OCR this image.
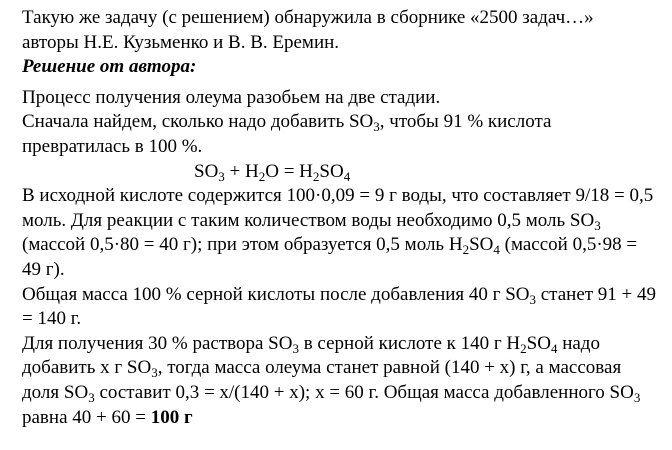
Такую же задачу (с решением) обнаружила в сборнике «2500 задач…»
авторы Н.Е. Кузьменко и В. В. Еремин.
Решение от автора:
Процесс получения олеума разобьем на две стадии.
Сначала найдем, сколько надо добавить $SO_3$, чтобы 91 % кислота
превратилась в 100 %.
$SO_3 + H_2O = H_2SO_4$
В исходной кислоте содержится 100·0,09 = 9 г воды, что составляет 9/18 = 0,5
моль. Для реакции с таким количеством воды необходимо 0,5 моль $SO_3$
(массой 0,5·80 = 40 г); при этом образуется 0,5 моль $H_2SO_4$ (массой 0,5·98 =
49 г).
Общая масса 100 % серной кислоты после добавления 40 г $SO_3$ станет 91 + 49
= 140 г.
Для получения 30 % раствора $SO_3$ в серной кислоте к 140 г $H_2SO_4$ надо
добавить x г $SO_3$, тогда масса олеума станет равной (140 + x) г, а массовая
доля $SO_3$ составит 0,3 = x/(140 + x); x = 60 г. Общая масса добавленного $SO_3$
равна 40 + 60 = 100 г
